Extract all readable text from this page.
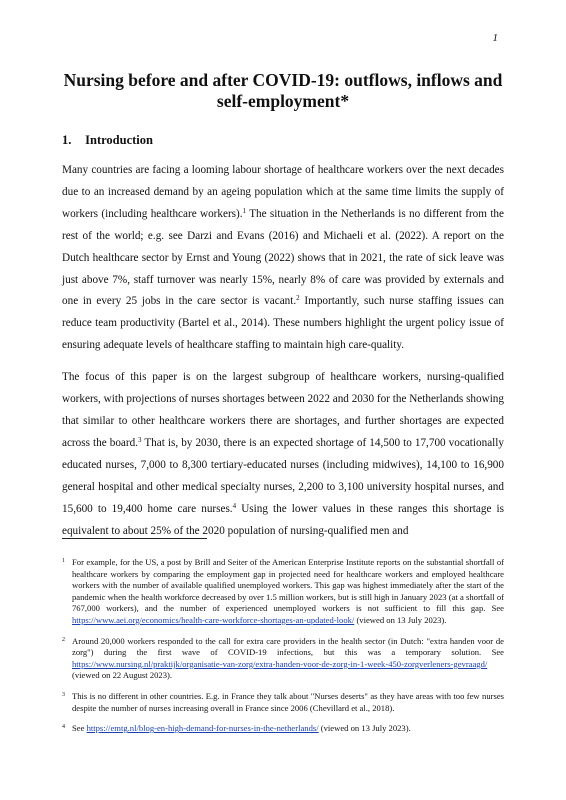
1
Nursing before and after COVID-19: outflows, inflows and self-employment*
1. Introduction

Many countries are facing a looming labour shortage of healthcare workers over the next decades due to an increased demand by an ageing population which at the same time limits the supply of workers (including healthcare workers).$^1$ The situation in the Netherlands is no different from the rest of the world; e.g. see Darzi and Evans (2016) and Michaeli et al. (2022). A report on the Dutch healthcare sector by Ernst and Young (2022) shows that in 2021, the rate of sick leave was just above 7%, staff turnover was nearly 15%, nearly 8% of care was provided by externals and one in every 25 jobs in the care sector is vacant.$^2$ Importantly, such nurse staffing issues can reduce team productivity (Bartel et al., 2014). These numbers highlight the urgent policy issue of ensuring adequate levels of healthcare staffing to maintain high care-quality.

The focus of this paper is on the largest subgroup of healthcare workers, nursing-qualified workers, with projections of nurses shortages between 2022 and 2030 for the Netherlands showing that similar to other healthcare workers there are shortages, and further shortages are expected across the board.$^3$ That is, by 2030, there is an expected shortage of 14,500 to 17,700 vocationally educated nurses, 7,000 to 8,300 tertiary-educated nurses (including midwives), 14,100 to 16,900 general hospital and other medical specialty nurses, 2,200 to 3,100 university hospital nurses, and 15,600 to 19,400 home care nurses.$^4$ Using the lower values in these ranges this shortage is equivalent to about 25% of the 2020 population of nursing-qualified men and

1 For example, for the US, a post by Brill and Seiter of the American Enterprise Institute reports on the substantial shortfall of healthcare workers by comparing the employment gap in projected need for healthcare workers and employed healthcare workers with the number of available qualified unemployed workers. This gap was highest immediately after the start of the pandemic when the health workforce decreased by over 1.5 million workers, but is still high in January 2023 (at a shortfall of 767,000 workers), and the number of experienced unemployed workers is not sufficient to fill this gap. See https://www.aei.org/economics/health-care-workforce-shortages-an-updated-look/ (viewed on 13 July 2023).

2 Around 20,000 workers responded to the call for extra care providers in the health sector (in Dutch: "extra handen voor de zorg") during the first wave of COVID-19 infections, but this was a temporary solution. See https://www.nursing.nl/praktijk/organisatie-van-zorg/extra-handen-voor-de-zorg-in-1-week-450-zorgverleners-gevraagd/ (viewed on 22 August 2023).

3 This is no different in other countries. E.g. in France they talk about "Nurses deserts" as they have areas with too few nurses despite the number of nurses increasing overall in France since 2006 (Chevillard et al., 2018).

4 See https://emtg.nl/blog-en-high-demand-for-nurses-in-the-netherlands/ (viewed on 13 July 2023).
